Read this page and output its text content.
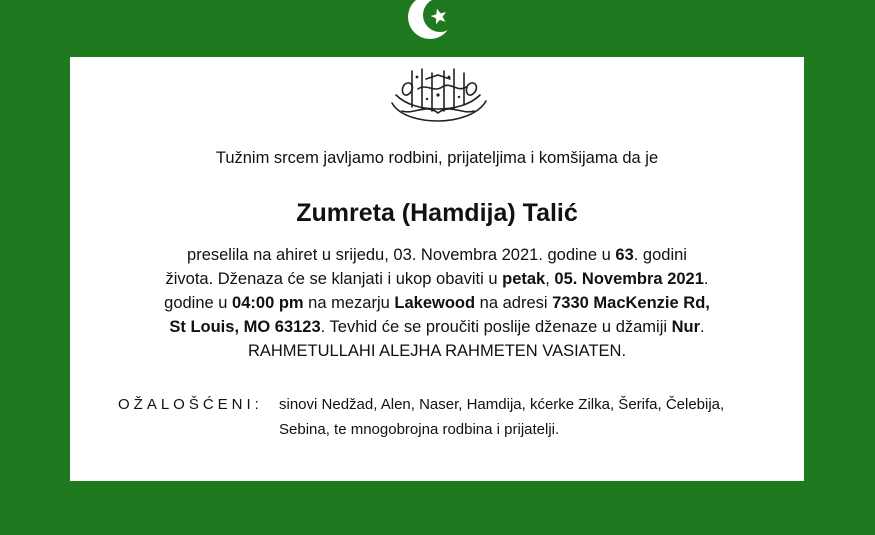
Tužnim srcem javljamo rodbini, prijateljima i komšijama da je
Zumreta (Hamdija) Talić
preselila na ahiret u srijedu, 03. Novembra 2021. godine u 63. godini
života. Dženaza će se klanjati i ukop obaviti u petak, 05. Novembra 2021.
godine u 04:00 pm na mezarju Lakewood na adresi 7330 MacKenzie Rd,
St Louis, MO 63123. Tevhid će se proučiti poslije dženaze u džamiji Nur.
RAHMETULLAHI ALEJHA RAHMETEN VASIATEN.
OŽALOŠĆENI: sinovi Nedžad, Alen, Naser, Hamdija, kćerke Zilka, Šerifa, Čelebija,
Sebina, te mnogobrojna rodbina i prijatelji.
